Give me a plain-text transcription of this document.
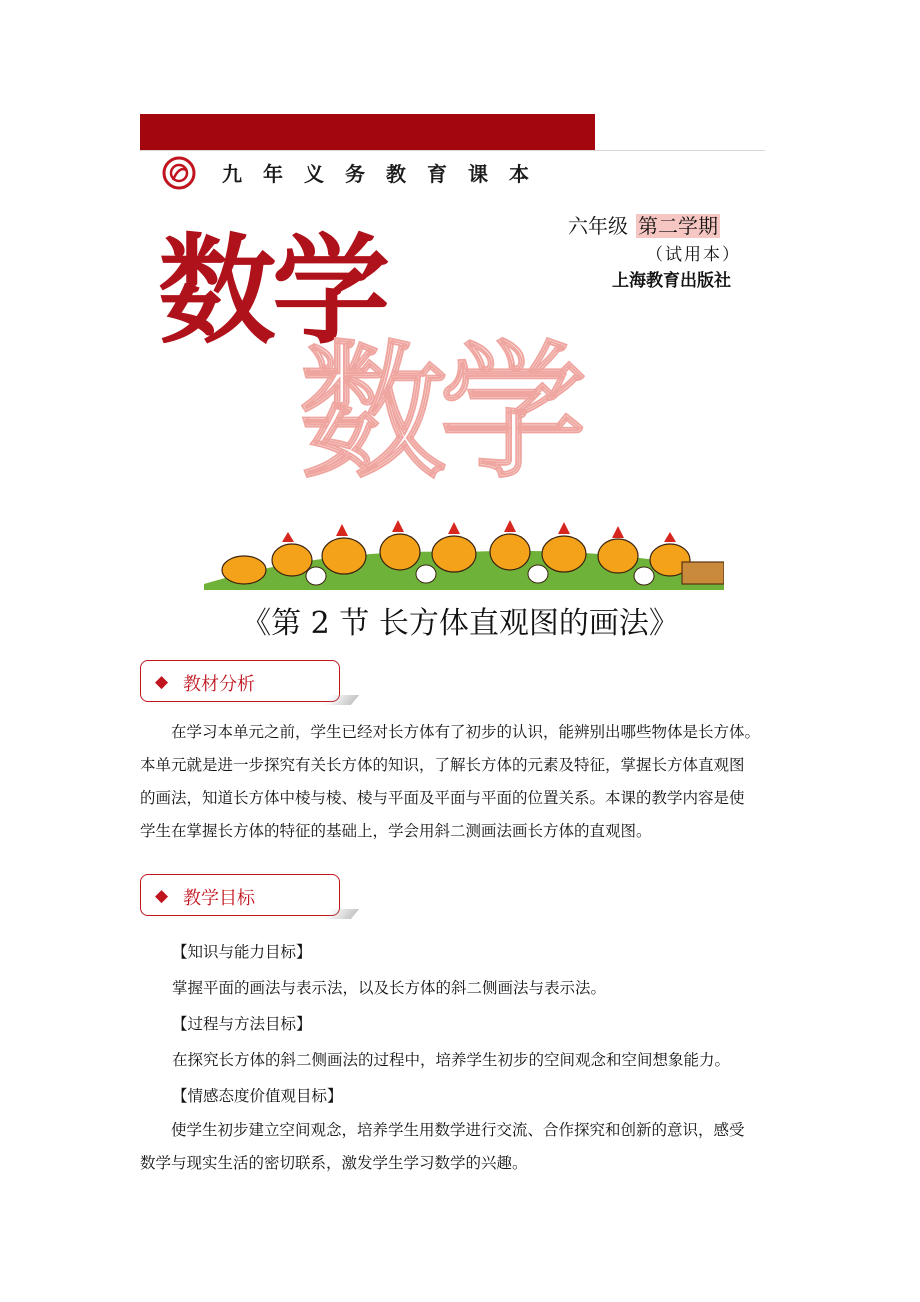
九年义务教育课本
六年级 第二学期
（试用本）
上海教育出版社
数学
数学
《第 2 节 长方体直观图的画法》
◆ 教材分析
在学习本单元之前，学生已经对长方体有了初步的认识，能辨别出哪些物体是长方体。
本单元就是进一步探究有关长方体的知识，了解长方体的元素及特征，掌握长方体直观图
的画法，知道长方体中棱与棱、棱与平面及平面与平面的位置关系。本课的教学内容是使
学生在掌握长方体的特征的基础上，学会用斜二测画法画长方体的直观图。
◆ 教学目标
【知识与能力目标】
掌握平面的画法与表示法，以及长方体的斜二侧画法与表示法。
【过程与方法目标】
在探究长方体的斜二侧画法的过程中，培养学生初步的空间观念和空间想象能力。
【情感态度价值观目标】
使学生初步建立空间观念，培养学生用数学进行交流、合作探究和创新的意识，感受
数学与现实生活的密切联系，激发学生学习数学的兴趣。
